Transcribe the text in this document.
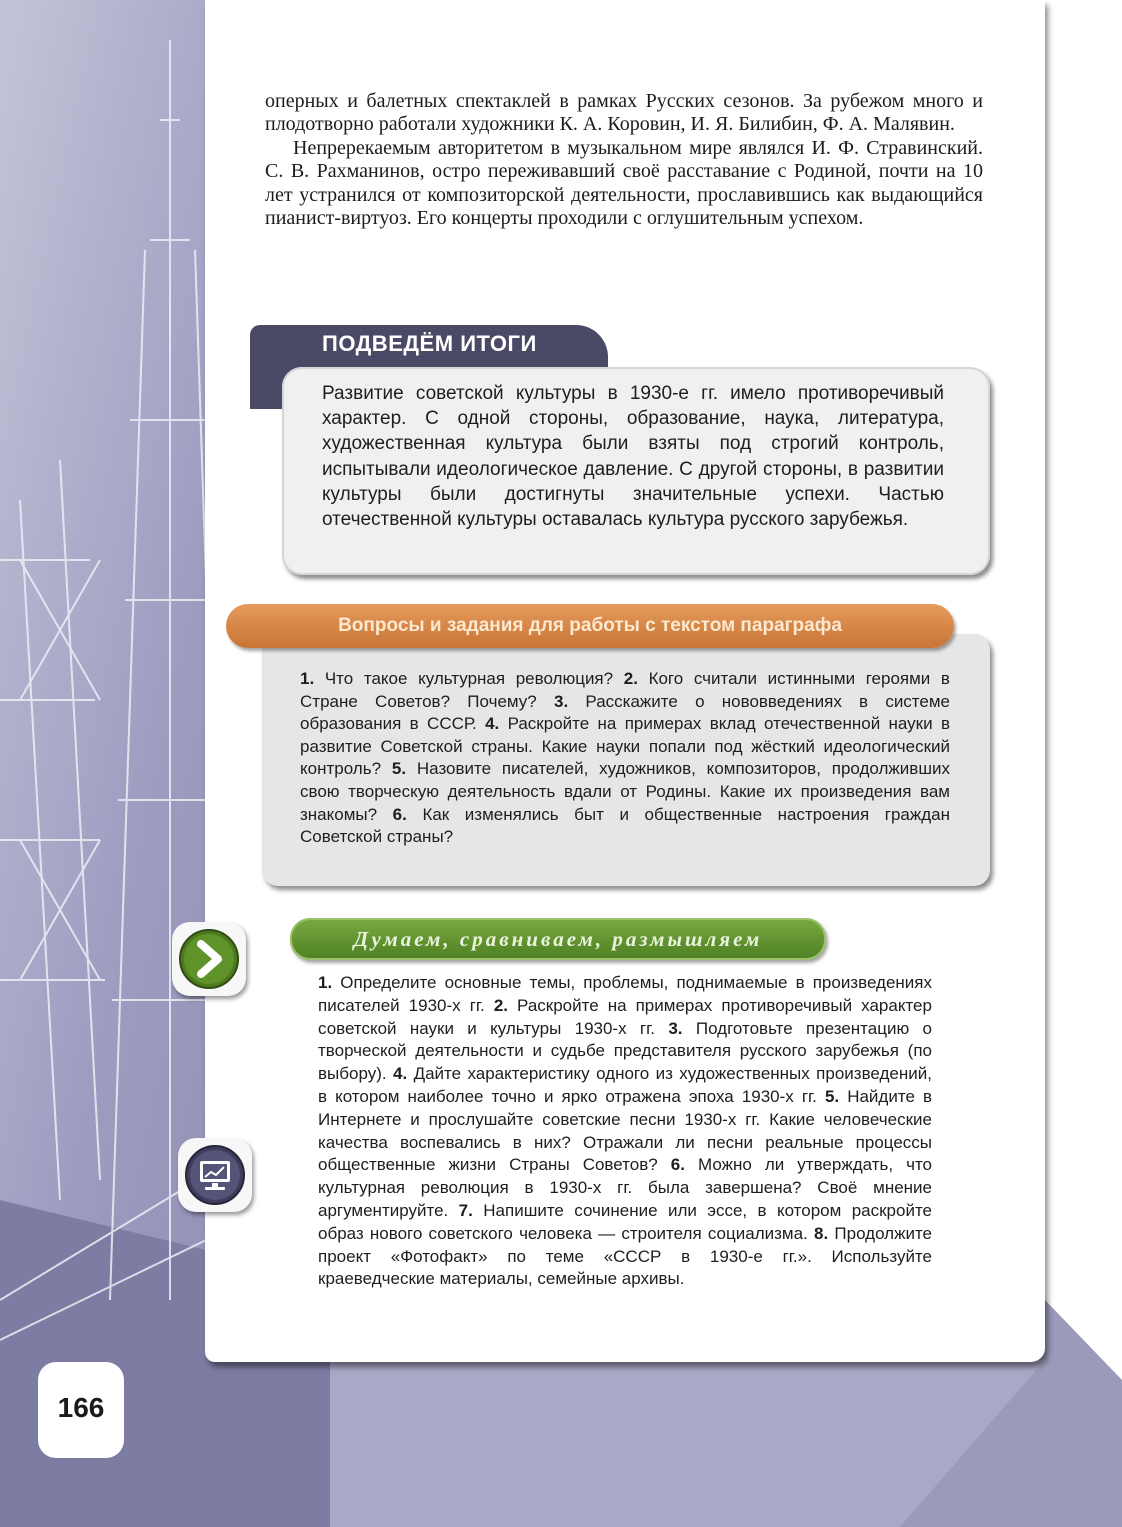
оперных и балетных спектаклей в рамках Русских сезонов. За рубежом много и плодотворно работали художники К. А. Коровин, И. Я. Билибин, Ф. А. Малявин.

Непререкаемым авторитетом в музыкальном мире являлся И. Ф. Стравинский. С. В. Рахманинов, остро переживавший своё расставание с Родиной, почти на 10 лет устранился от композиторской деятельности, прославившись как выдающийся пианист-виртуоз. Его концерты проходили с оглушительным успехом.

ПОДВЕДЁМ ИТОГИ

Развитие советской культуры в 1930-е гг. имело противоречивый характер. С одной стороны, образование, наука, литература, художественная культура были взяты под строгий контроль, испытывали идеологическое давление. С другой стороны, в развитии культуры были достигнуты значительные успехи. Частью отечественной культуры оставалась культура русского зарубежья.

Вопросы и задания для работы с текстом параграфа

1. Что такое культурная революция? 2. Кого считали истинными героями в Стране Советов? Почему? 3. Расскажите о нововведениях в системе образования в СССР. 4. Раскройте на примерах вклад отечественной науки в развитие Советской страны. Какие науки попали под жёсткий идеологический контроль? 5. Назовите писателей, художников, композиторов, продолживших свою творческую деятельность вдали от Родины. Какие их произведения вам знакомы? 6. Как изменялись быт и общественные настроения граждан Советской страны?

Думаем, сравниваем, размышляем

1. Определите основные темы, проблемы, поднимаемые в произведениях писателей 1930-х гг. 2. Раскройте на примерах противоречивый характер советской науки и культуры 1930-х гг. 3. Подготовьте презентацию о творческой деятельности и судьбе представителя русского зарубежья (по выбору). 4. Дайте характеристику одного из художественных произведений, в котором наиболее точно и ярко отражена эпоха 1930-х гг. 5. Найдите в Интернете и прослушайте советские песни 1930-х гг. Какие человеческие качества воспевались в них? Отражали ли песни реальные процессы общественные жизни Страны Советов? 6. Можно ли утверждать, что культурная революция в 1930-х гг. была завершена? Своё мнение аргументируйте. 7. Напишите сочинение или эссе, в котором раскройте образ нового советского человека — строителя социализма. 8. Продолжите проект «Фотофакт» по теме «СССР в 1930-е гг.». Используйте краеведческие материалы, семейные архивы.

166
